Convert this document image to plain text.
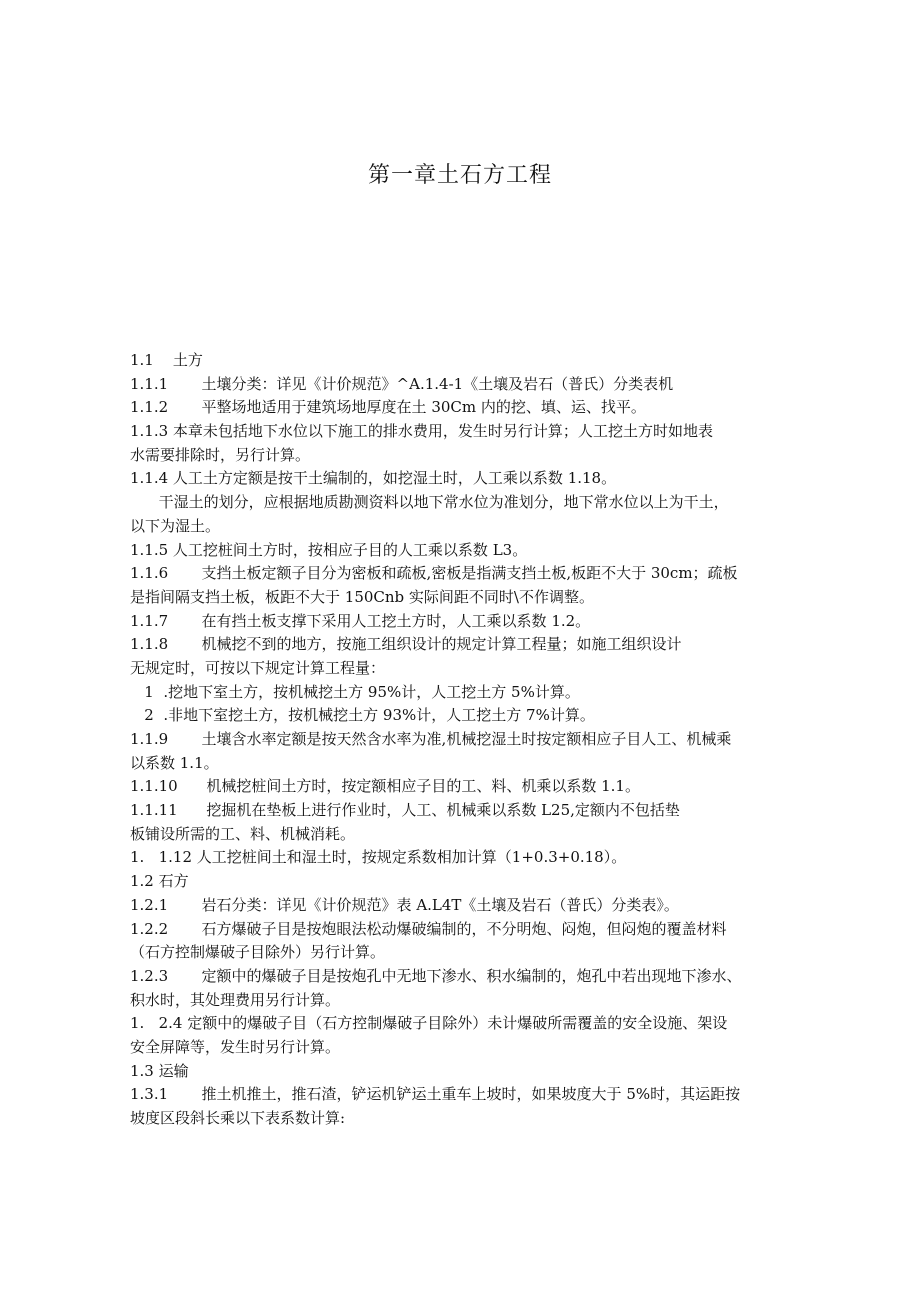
第一章土石方工程
1.1    土方
1.1.1       土壤分类：详见《计价规范》^A.1.4-1《土壤及岩石（普氏）分类表机
1.1.2       平整场地适用于建筑场地厚度在土 30Cm 内的挖、填、运、找平。
1.1.3 本章未包括地下水位以下施工的排水费用，发生时另行计算；人工挖土方时如地表
水需要排除时，另行计算。
1.1.4 人工土方定额是按干土编制的，如挖湿土时，人工乘以系数 1.18。
干湿土的划分，应根据地质勘测资料以地下常水位为准划分，地下常水位以上为干土，
以下为湿土。
1.1.5 人工挖桩间土方时，按相应子目的人工乘以系数 L3。
1.1.6       支挡土板定额子目分为密板和疏板,密板是指满支挡土板,板距不大于 30cm；疏板
是指间隔支挡土板，板距不大于 150Cnb 实际间距不同时\不作调整。
1.1.7       在有挡土板支撑下采用人工挖土方时，人工乘以系数 1.2。
1.1.8       机械挖不到的地方，按施工组织设计的规定计算工程量；如施工组织设计
无规定时，可按以下规定计算工程量：
1  .挖地下室土方，按机械挖土方 95%计，人工挖土方 5%计算。
2  .非地下室挖土方，按机械挖土方 93%计，人工挖土方 7%计算。
1.1.9       土壤含水率定额是按天然含水率为准,机械挖湿土时按定额相应子目人工、机械乘
以系数 1.1。
1.1.10      机械挖桩间土方时，按定额相应子目的工、料、机乘以系数 1.1。
1.1.11      挖掘机在垫板上进行作业时，人工、机械乘以系数 L25,定额内不包括垫
板铺设所需的工、料、机械消耗。
1.   1.12 人工挖桩间土和湿土时，按规定系数相加计算（1+0.3+0.18）。
1.2 石方
1.2.1       岩石分类：详见《计价规范》表 A.L4T《土壤及岩石（普氏）分类表》。
1.2.2       石方爆破子目是按炮眼法松动爆破编制的，不分明炮、闷炮，但闷炮的覆盖材料
（石方控制爆破子目除外）另行计算。
1.2.3       定额中的爆破子目是按炮孔中无地下渗水、积水编制的，炮孔中若出现地下渗水、
积水时，其处理费用另行计算。
1.   2.4 定额中的爆破子目（石方控制爆破子目除外）未计爆破所需覆盖的安全设施、架设
安全屏障等，发生时另行计算。
1.3 运输
1.3.1       推土机推土，推石渣，铲运机铲运土重车上坡时，如果坡度大于 5%时，其运距按
坡度区段斜长乘以下表系数计算:
